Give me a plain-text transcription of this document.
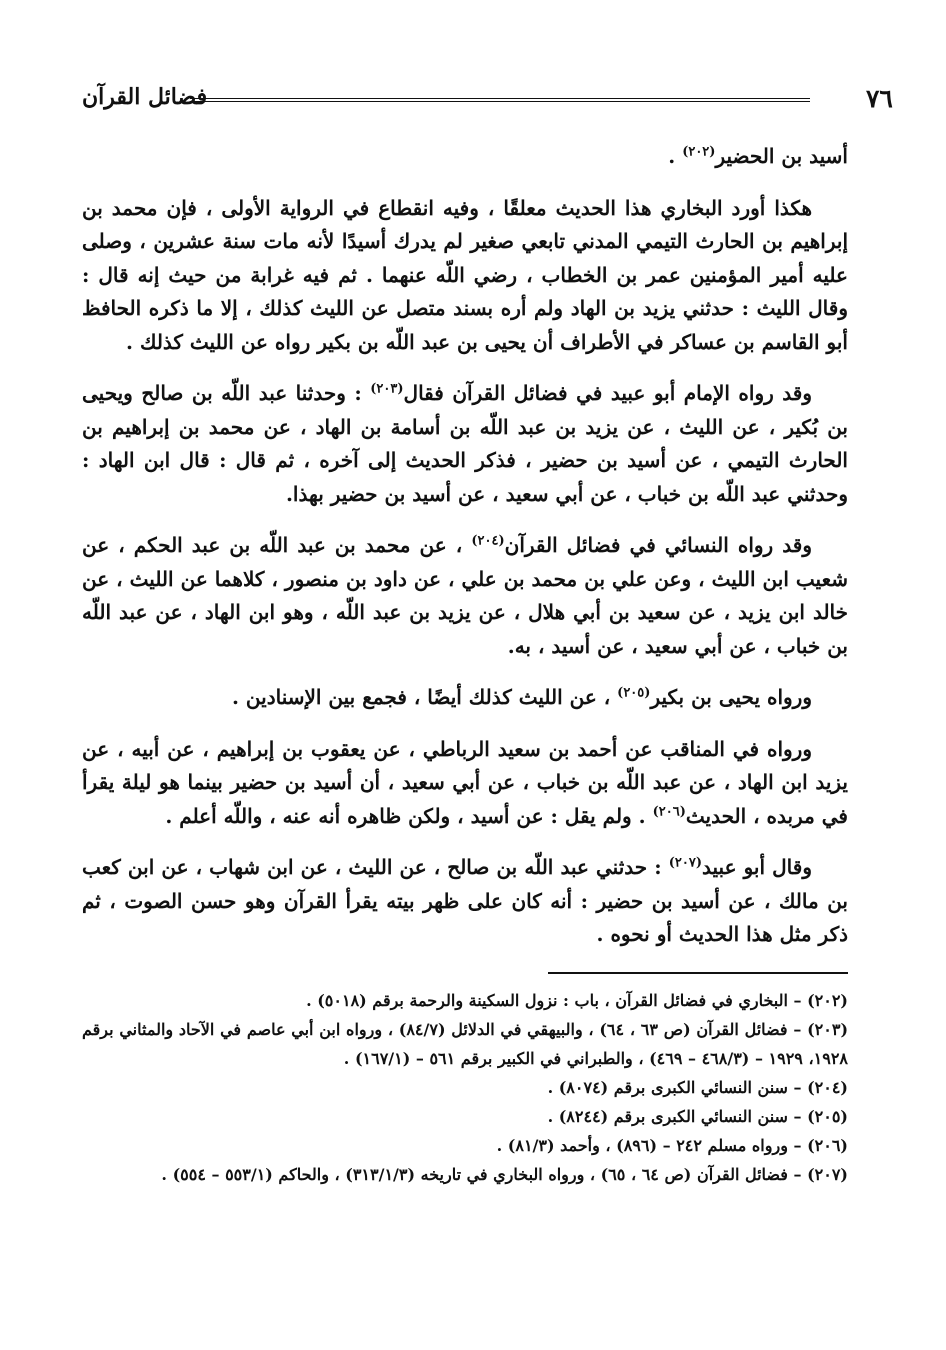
٧٦
فضائل القرآن

أسيد بن الحضير$^{(٢٠٢)}$ .

هكذا أورد البخاري هذا الحديث معلقًا ، وفيه انقطاع في الرواية الأولى ، فإن محمد بن إبراهيم بن الحارث التيمي المدني تابعي صغير لم يدرك أسيدًا لأنه مات سنة عشرين ، وصلى عليه أمير المؤمنين عمر بن الخطاب ، رضي اللّه عنهما . ثم فيه غرابة من حيث إنه قال : وقال الليث : حدثني يزيد بن الهاد ولم أره بسند متصل عن الليث كذلك ، إلا ما ذكره الحافظ أبو القاسم بن عساكر في الأطراف أن يحيى بن عبد اللّه بن بكير رواه عن الليث كذلك .

وقد رواه الإمام أبو عبيد في فضائل القرآن فقال$^{(٢٠٣)}$ : وحدثنا عبد اللّه بن صالح ويحيى بن بُكير ، عن الليث ، عن يزيد بن عبد اللّه بن أسامة بن الهاد ، عن محمد بن إبراهيم بن الحارث التيمي ، عن أسيد بن حضير ، فذكر الحديث إلى آخره ، ثم قال : قال ابن الهاد : وحدثني عبد اللّه بن خباب ، عن أبي سعيد ، عن أسيد بن حضير بهذا.

وقد رواه النسائي في فضائل القرآن$^{(٢٠٤)}$ ، عن محمد بن عبد اللّه بن عبد الحكم ، عن شعيب ابن الليث ، وعن علي بن محمد بن علي ، عن داود بن منصور ، كلاهما عن الليث ، عن خالد ابن يزيد ، عن سعيد بن أبي هلال ، عن يزيد بن عبد اللّه ، وهو ابن الهاد ، عن عبد اللّه بن خباب ، عن أبي سعيد ، عن أسيد ، به.

ورواه يحيى بن بكير$^{(٢٠٥)}$ ، عن الليث كذلك أيضًا ، فجمع بين الإسنادين .

ورواه في المناقب عن أحمد بن سعيد الرباطي ، عن يعقوب بن إبراهيم ، عن أبيه ، عن يزيد ابن الهاد ، عن عبد اللّه بن خباب ، عن أبي سعيد ، أن أسيد بن حضير بينما هو ليلة يقرأ في مربده ، الحديث$^{(٢٠٦)}$ . ولم يقل : عن أسيد ، ولكن ظاهره أنه عنه ، واللّه أعلم .

وقال أبو عبيد$^{(٢٠٧)}$ : حدثني عبد اللّه بن صالح ، عن الليث ، عن ابن شهاب ، عن ابن كعب بن مالك ، عن أسيد بن حضير : أنه كان على ظهر بيته يقرأ القرآن وهو حسن الصوت ، ثم ذكر مثل هذا الحديث أو نحوه .

(٢٠٢) – البخاري في فضائل القرآن ، باب : نزول السكينة والرحمة برقم (٥٠١٨) .

(٢٠٣) – فضائل القرآن (ص ٦٣ ، ٦٤) ، والبيهقي في الدلائل (٨٤/٧) ، ورواه ابن أبي عاصم في الآحاد والمثاني برقم ١٩٢٨، ١٩٢٩ – (٤٦٨/٣ – ٤٦٩) ، والطبراني في الكبير برقم ٥٦١ – (١٦٧/١) .

(٢٠٤) – سنن النسائي الكبرى برقم (٨٠٧٤) .

(٢٠٥) – سنن النسائي الكبرى برقم (٨٢٤٤) .

(٢٠٦) – ورواه مسلم ٢٤٢ – (٨٩٦) ، وأحمد (٨١/٣) .

(٢٠٧) – فضائل القرآن (ص ٦٤ ، ٦٥) ، ورواه البخاري في تاريخه (٣١٣/١/٣) ، والحاكم (٥٥٣/١ – ٥٥٤) .
